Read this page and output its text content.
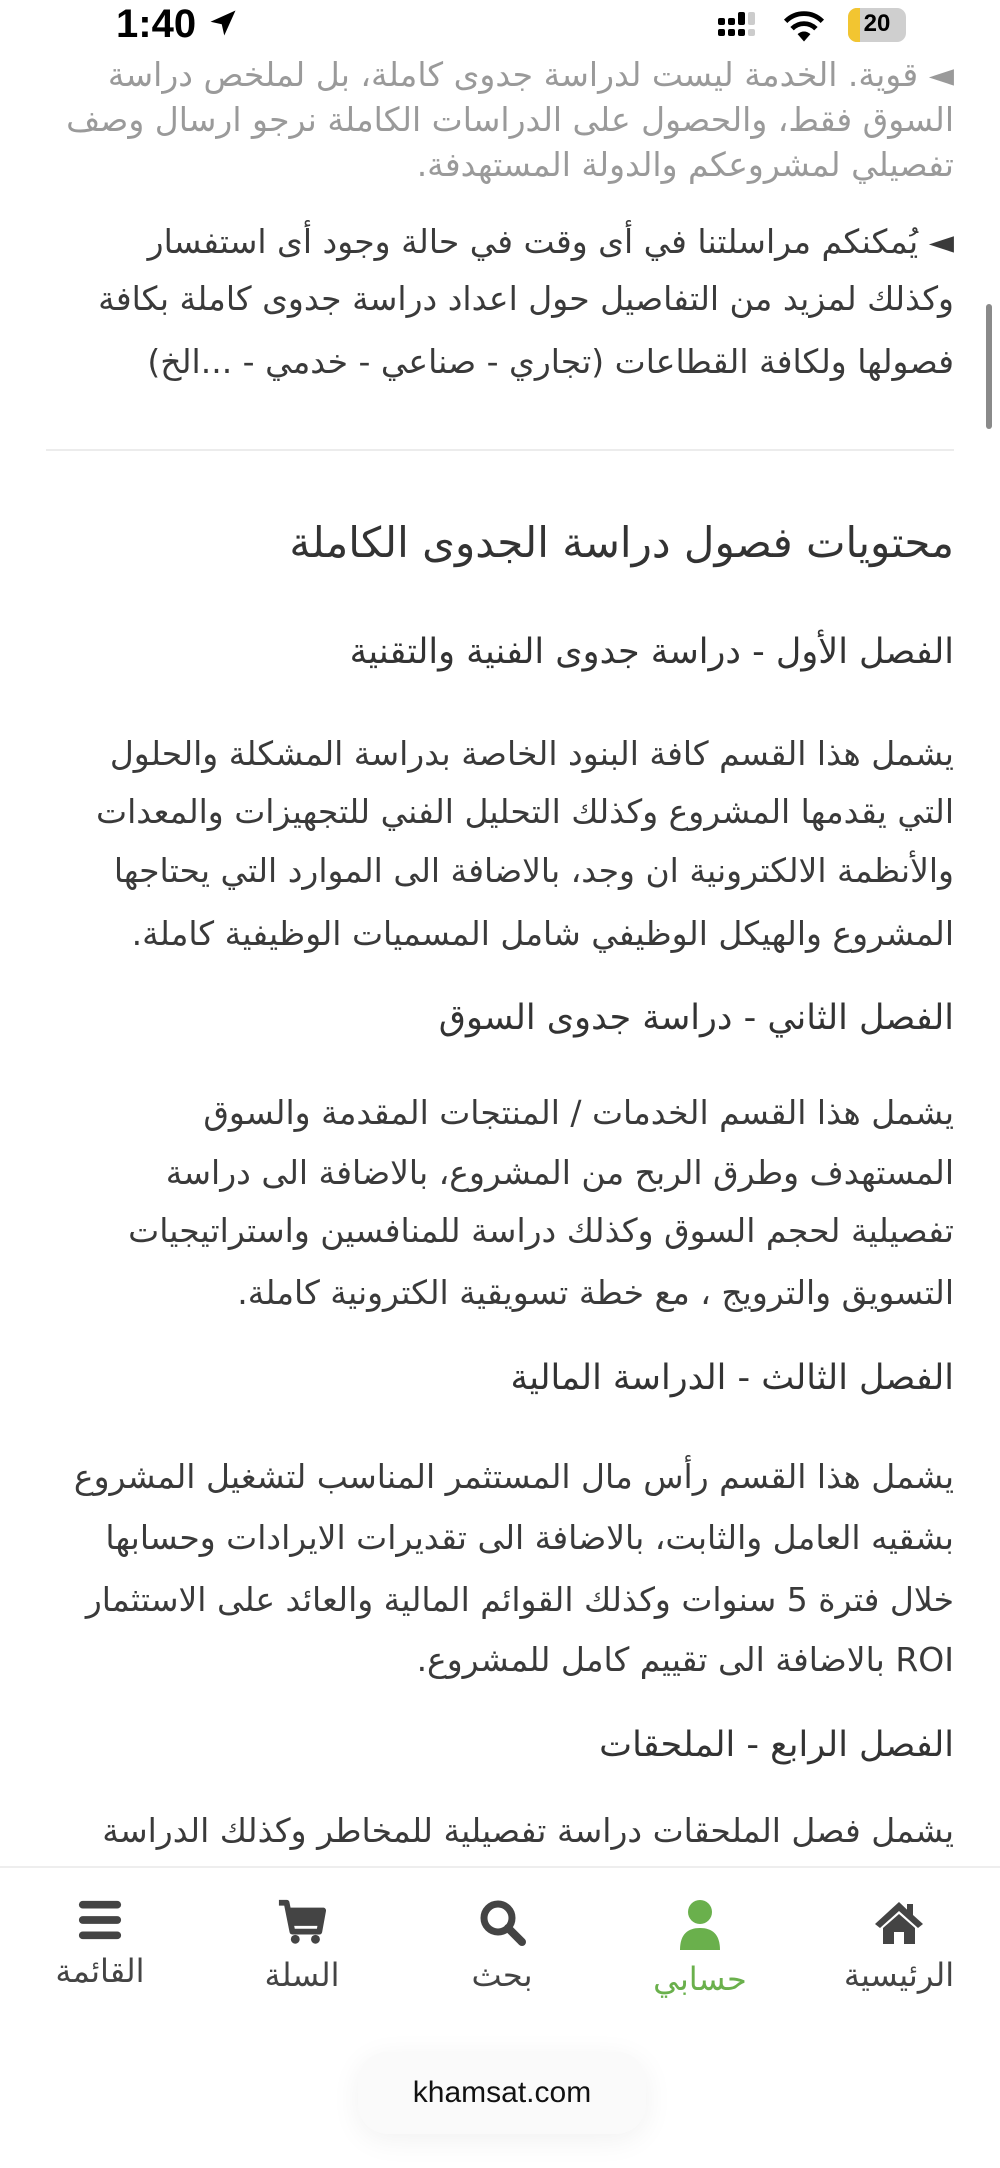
1:40	20
◄ قوية. الخدمة ليست لدراسة جدوى كاملة، بل لملخص دراسة
السوق فقط، والحصول على الدراسات الكاملة نرجو ارسال وصف
تفصيلي لمشروعكم والدولة المستهدفة.
◄ يُمكنكم مراسلتنا في أى وقت في حالة وجود أى استفسار
وكذلك لمزيد من التفاصيل حول اعداد دراسة جدوى كاملة بكافة
فصولها ولكافة القطاعات (تجاري - صناعي - خدمي - ...الخ)
محتويات فصول دراسة الجدوى الكاملة
الفصل الأول - دراسة جدوى الفنية والتقنية
يشمل هذا القسم كافة البنود الخاصة بدراسة المشكلة والحلول
التي يقدمها المشروع وكذلك التحليل الفني للتجهيزات والمعدات
والأنظمة الالكترونية ان وجد، بالاضافة الى الموارد التي يحتاجها
المشروع والهيكل الوظيفي شامل المسميات الوظيفية كاملة.
الفصل الثاني - دراسة جدوى السوق
يشمل هذا القسم الخدمات / المنتجات المقدمة والسوق
المستهدف وطرق الربح من المشروع، بالاضافة الى دراسة
تفصيلية لحجم السوق وكذلك دراسة للمنافسين واستراتيجيات
التسويق والترويج ، مع خطة تسويقية الكترونية كاملة.
الفصل الثالث - الدراسة المالية
يشمل هذا القسم رأس مال المستثمر المناسب لتشغيل المشروع
بشقيه العامل والثابت، بالاضافة الى تقديرات الايرادات وحسابها
خلال فترة 5 سنوات وكذلك القوائم المالية والعائد على الاستثمار
ROI بالاضافة الى تقييم كامل للمشروع.
الفصل الرابع - الملحقات
يشمل فصل الملحقات دراسة تفصيلية للمخاطر وكذلك الدراسة
الرئيسية
حسابي
بحث
السلة
القائمة
khamsat.com
